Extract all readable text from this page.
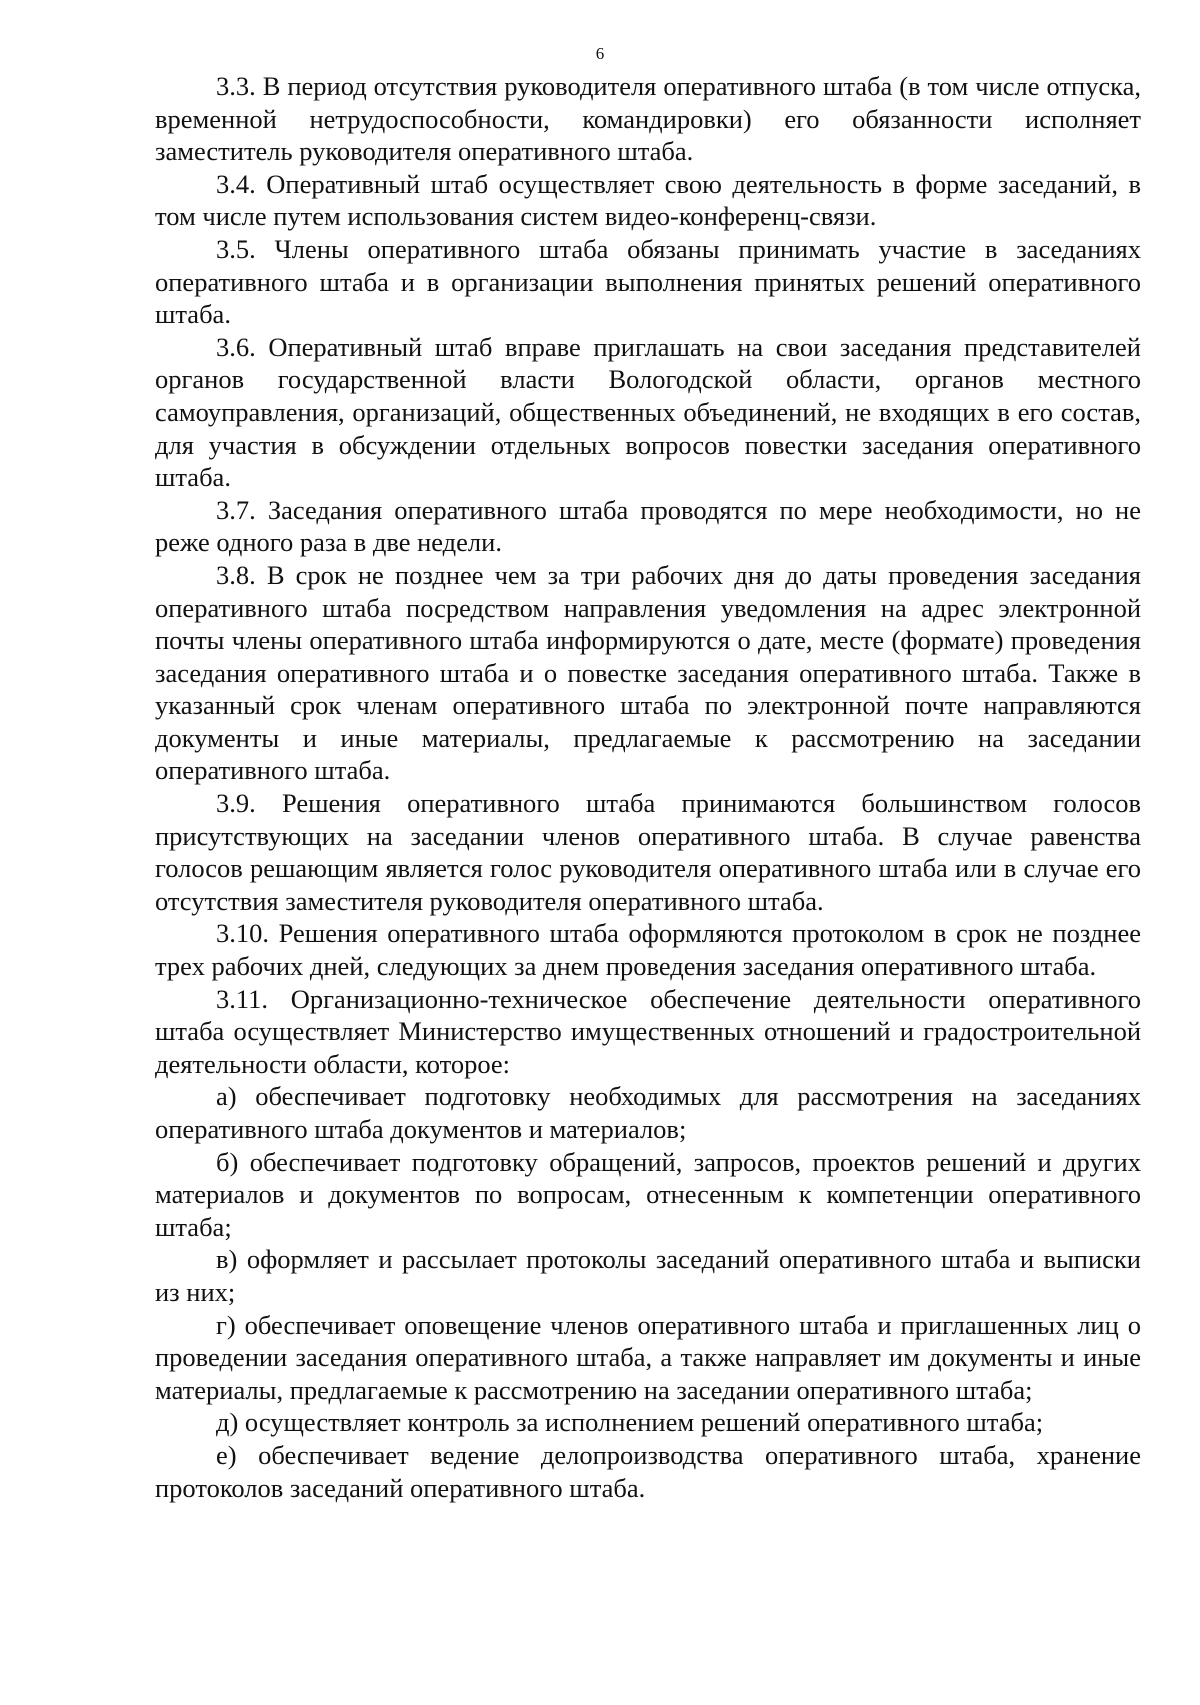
6

3.3. В период отсутствия руководителя оперативного штаба (в том числе отпуска, временной нетрудоспособности, командировки) его обязанности исполняет заместитель руководителя оперативного штаба.

3.4. Оперативный штаб осуществляет свою деятельность в форме заседаний, в том числе путем использования систем видео-конференц-связи.

3.5. Члены оперативного штаба обязаны принимать участие в заседаниях оперативного штаба и в организации выполнения принятых решений оперативного штаба.

3.6. Оперативный штаб вправе приглашать на свои заседания представителей органов государственной власти Вологодской области, органов местного самоуправления, организаций, общественных объединений, не входящих в его состав, для участия в обсуждении отдельных вопросов повестки заседания оперативного штаба.

3.7. Заседания оперативного штаба проводятся по мере необходимости, но не реже одного раза в две недели.

3.8. В срок не позднее чем за три рабочих дня до даты проведения заседания оперативного штаба посредством направления уведомления на адрес электронной почты члены оперативного штаба информируются о дате, месте (формате) проведения заседания оперативного штаба и о повестке заседания оперативного штаба. Также в указанный срок членам оперативного штаба по электронной почте направляются документы и иные материалы, предлагаемые к рассмотрению на заседании оперативного штаба.

3.9. Решения оперативного штаба принимаются большинством голосов присутствующих на заседании членов оперативного штаба. В случае равенства голосов решающим является голос руководителя оперативного штаба или в случае его отсутствия заместителя руководителя оперативного штаба.

3.10. Решения оперативного штаба оформляются протоколом в срок не позднее трех рабочих дней, следующих за днем проведения заседания оперативного штаба.

3.11. Организационно-техническое обеспечение деятельности оперативного штаба осуществляет Министерство имущественных отношений и градостроительной деятельности области, которое:

а) обеспечивает подготовку необходимых для рассмотрения на заседаниях оперативного штаба документов и материалов;

б) обеспечивает подготовку обращений, запросов, проектов решений и других материалов и документов по вопросам, отнесенным к компетенции оперативного штаба;

в) оформляет и рассылает протоколы заседаний оперативного штаба и выписки из них;

г) обеспечивает оповещение членов оперативного штаба и приглашенных лиц о проведении заседания оперативного штаба, а также направляет им документы и иные материалы, предлагаемые к рассмотрению на заседании оперативного штаба;

д) осуществляет контроль за исполнением решений оперативного штаба;

е) обеспечивает ведение делопроизводства оперативного штаба, хранение протоколов заседаний оперативного штаба.
